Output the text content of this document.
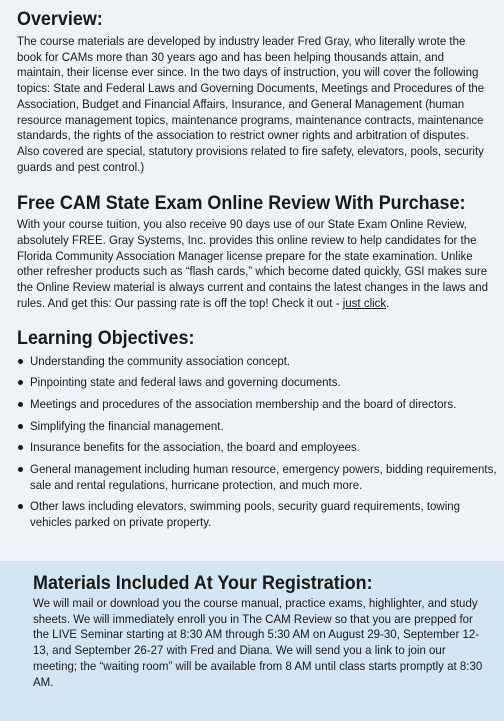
Overview:

The course materials are developed by industry leader Fred Gray, who literally wrote the book for CAMs more than 30 years ago and has been helping thousands attain, and maintain, their license ever since. In the two days of instruction, you will cover the following topics: State and Federal Laws and Governing Documents, Meetings and Procedures of the Association, Budget and Financial Affairs, Insurance, and General Management (human resource management topics, maintenance programs, maintenance contracts, maintenance standards, the rights of the association to restrict owner rights and arbitration of disputes. Also covered are special, statutory provisions related to fire safety, elevators, pools, security guards and pest control.)

Free CAM State Exam Online Review With Purchase:

With your course tuition, you also receive 90 days use of our State Exam Online Review, absolutely FREE. Gray Systems, Inc. provides this online review to help candidates for the Florida Community Association Manager license prepare for the state examination. Unlike other refresher products such as “flash cards,” which become dated quickly, GSI makes sure the Online Review material is always current and contains the latest changes in the laws and rules. And get this: Our passing rate is off the top! Check it out - just click.

Learning Objectives:
Understanding the community association concept.
Pinpointing state and federal laws and governing documents.
Meetings and procedures of the association membership and the board of directors.
Simplifying the financial management.
Insurance benefits for the association, the board and employees.
General management including human resource, emergency powers, bidding requirements, sale and rental regulations, hurricane protection, and much more.
Other laws including elevators, swimming pools, security guard requirements, towing vehicles parked on private property.
Materials Included At Your Registration:

We will mail or download you the course manual, practice exams, highlighter, and study sheets. We will immediately enroll you in The CAM Review so that you are prepped for the LIVE Seminar starting at 8:30 AM through 5:30 AM on August 29-30, September 12-13, and September 26-27 with Fred and Diana. We will send you a link to join our meeting; the “waiting room” will be available from 8 AM until class starts promptly at 8:30 AM.
